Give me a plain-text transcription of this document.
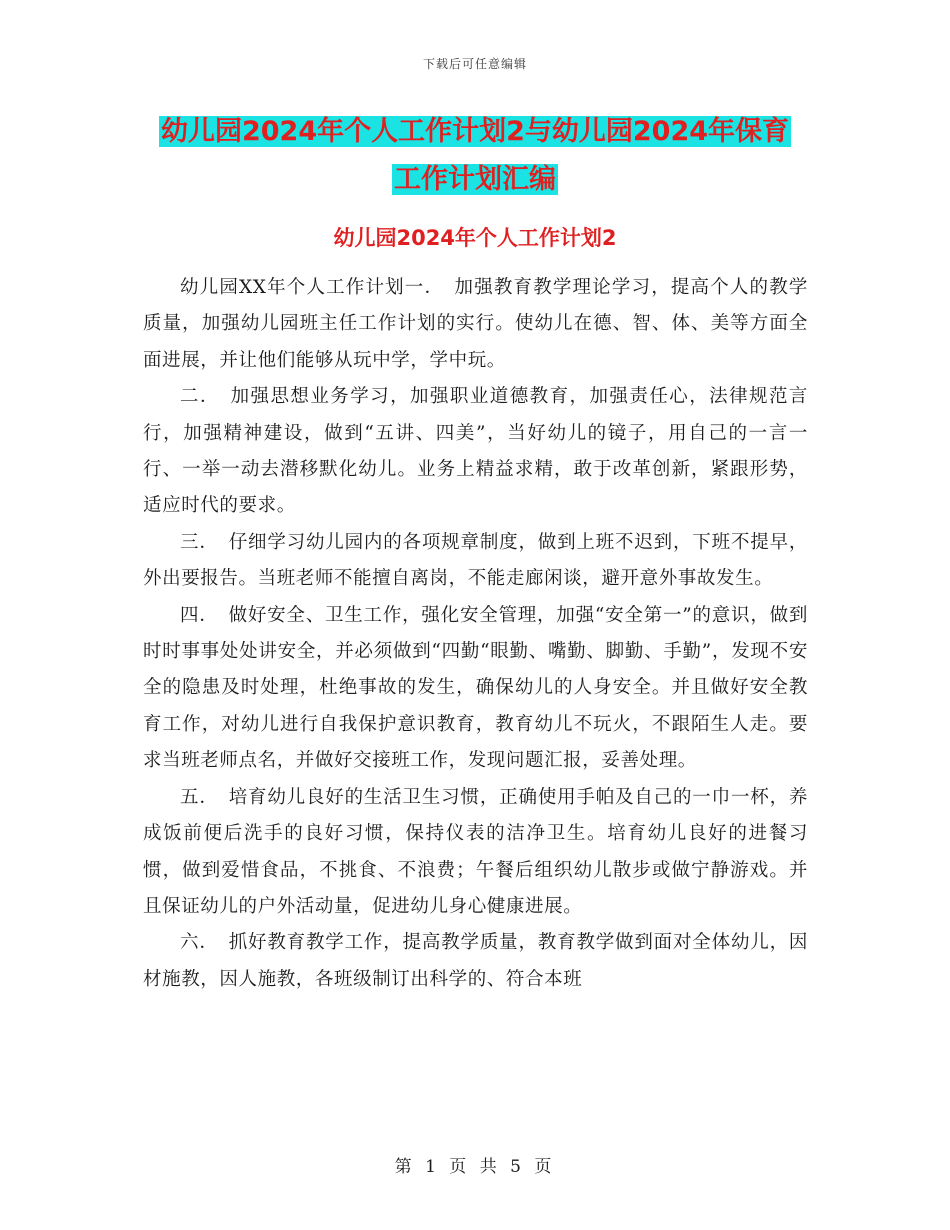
下载后可任意编辑
幼儿园2024年个人工作计划2与幼儿园2024年保育
工作计划汇编
幼儿园2024年个人工作计划2

幼儿园XX年个人工作计划一．　加强教育教学理论学习，提高个人的教学质量，加强幼儿园班主任工作计划的实行。使幼儿在德、智、体、美等方面全面进展，并让他们能够从玩中学，学中玩。

二．　加强思想业务学习，加强职业道德教育，加强责任心，法律规范言行，加强精神建设，做到“五讲、四美”，当好幼儿的镜子，用自己的一言一行、一举一动去潜移默化幼儿。业务上精益求精，敢于改革创新，紧跟形势，适应时代的要求。

三．　仔细学习幼儿园内的各项规章制度，做到上班不迟到，下班不提早，外出要报告。当班老师不能擅自离岗，不能走廊闲谈，避开意外事故发生。

四．　做好安全、卫生工作，强化安全管理，加强“安全第一”的意识，做到时时事事处处讲安全，并必须做到“四勤“眼勤、嘴勤、脚勤、手勤”，发现不安全的隐患及时处理，杜绝事故的发生，确保幼儿的人身安全。并且做好安全教育工作，对幼儿进行自我保护意识教育，教育幼儿不玩火，不跟陌生人走。要求当班老师点名，并做好交接班工作，发现问题汇报，妥善处理。

五．　培育幼儿良好的生活卫生习惯，正确使用手帕及自己的一巾一杯，养成饭前便后洗手的良好习惯，保持仪表的洁净卫生。培育幼儿良好的进餐习惯，做到爱惜食品，不挑食、不浪费；午餐后组织幼儿散步或做宁静游戏。并且保证幼儿的户外活动量，促进幼儿身心健康进展。

六．　抓好教育教学工作，提高教学质量，教育教学做到面对全体幼儿，因材施教，因人施教，各班级制订出科学的、符合本班

第 1 页 共 5 页
